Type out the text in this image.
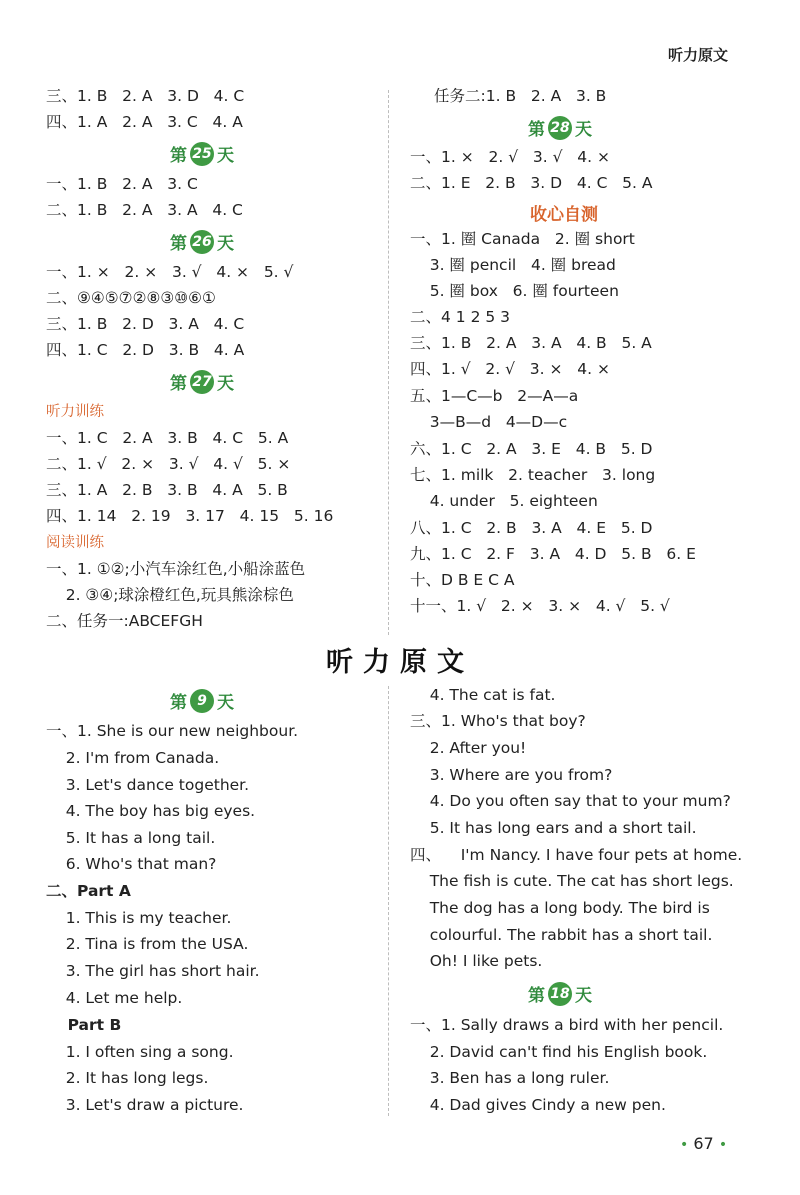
听力原文
三、1. B   2. A   3. D   4. C
四、1. A   2. A   3. C   4. A
第 25 天
一、1. B   2. A   3. C
二、1. B   2. A   3. A   4. C
第 26 天
一、1. ×   2. ×   3. √   4. ×   5. √
二、⑨④⑤⑦②⑧③⑩⑥①
三、1. B   2. D   3. A   4. C
四、1. C   2. D   3. B   4. A
第 27 天
听力训练
一、1. C   2. A   3. B   4. C   5. A
二、1. √   2. ×   3. √   4. √   5. ×
三、1. A   2. B   3. B   4. A   5. B
四、1. 14   2. 19   3. 17   4. 15   5. 16
阅读训练
一、1. ①②;小汽车涂红色,小船涂蓝色
2. ③④;球涂橙红色,玩具熊涂棕色
二、任务一:ABCEFGH
任务二:1. B   2. A   3. B
第 28 天
一、1. ×   2. √   3. √   4. ×
二、1. E   2. B   3. D   4. C   5. A
收心自测
一、1. 圈 Canada   2. 圈 short
3. 圈 pencil   4. 圈 bread
5. 圈 box   6. 圈 fourteen
二、4 1 2 5 3
三、1. B   2. A   3. A   4. B   5. A
四、1. √   2. √   3. ×   4. ×
五、1—C—b   2—A—a
3—B—d   4—D—c
六、1. C   2. A   3. E   4. B   5. D
七、1. milk   2. teacher   3. long
4. under   5. eighteen
八、1. C   2. B   3. A   4. E   5. D
九、1. C   2. F   3. A   4. D   5. B   6. E
十、D B E C A
十一、1. √   2. ×   3. ×   4. √   5. √
听力原文
第 9 天
一、1. She is our new neighbour.
2. I'm from Canada.
3. Let's dance together.
4. The boy has big eyes.
5. It has a long tail.
6. Who's that man?
二、Part A
1. This is my teacher.
2. Tina is from the USA.
3. The girl has short hair.
4. Let me help.
Part B
1. I often sing a song.
2. It has long legs.
3. Let's draw a picture.
4. The cat is fat.
三、1. Who's that boy?
2. After you!
3. Where are you from?
4. Do you often say that to your mum?
5. It has long ears and a short tail.
四、    I'm Nancy. I have four pets at home.
The fish is cute. The cat has short legs.
The dog has a long body. The bird is
colourful. The rabbit has a short tail.
Oh! I like pets.
第 18 天
一、1. Sally draws a bird with her pencil.
2. David can't find his English book.
3. Ben has a long ruler.
4. Dad gives Cindy a new pen.
• 67 •
